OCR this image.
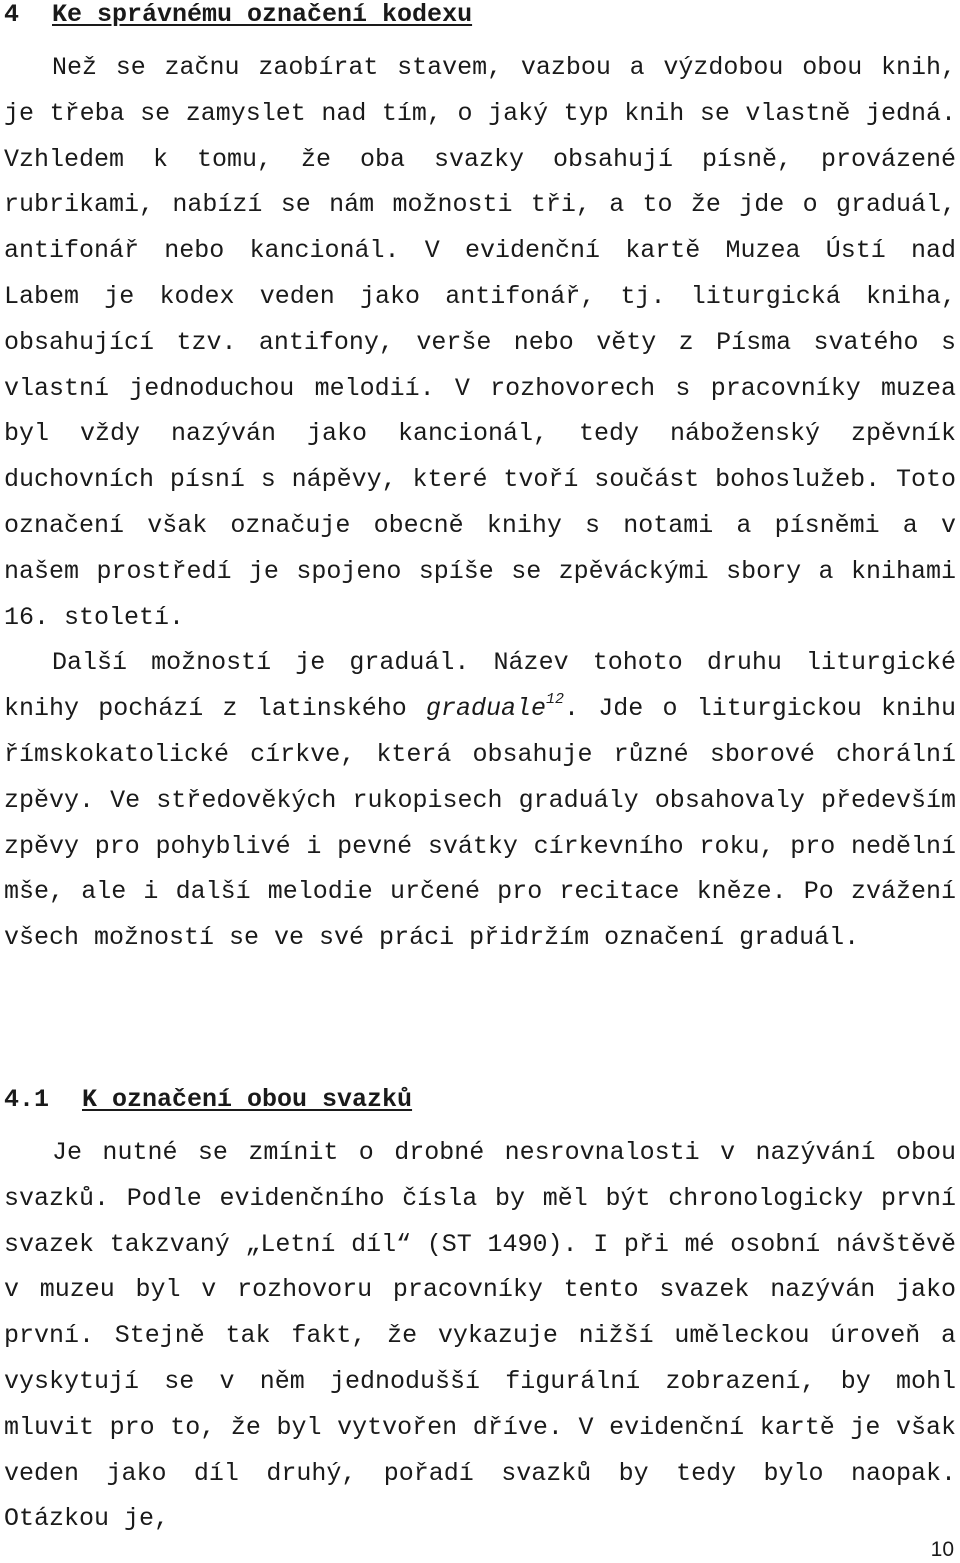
4 Ke správnému označení kodexu

Než se začnu zaobírat stavem, vazbou a výzdobou obou knih, je třeba se zamyslet nad tím, o jaký typ knih se vlastně jedná. Vzhledem k tomu, že oba svazky obsahují písně, provázené rubrikami, nabízí se nám možnosti tři, a to že jde o graduál, antifonář nebo kancionál. V evidenční kartě Muzea Ústí nad Labem je kodex veden jako antifonář, tj. liturgická kniha, obsahující tzv. antifony, verše nebo věty z Písma svatého s vlastní jednoduchou melodií. V rozhovorech s pracovníky muzea byl vždy nazýván jako kancionál, tedy náboženský zpěvník duchovních písní s nápěvy, které tvoří součást bohoslužeb. Toto označení však označuje obecně knihy s notami a písněmi a v našem prostředí je spojeno spíše se zpěváckými sbory a knihami 16. století.

Další možností je graduál. Název tohoto druhu liturgické knihy pochází z latinského graduale$^{12}$. Jde o liturgickou knihu římskokatolické církve, která obsahuje různé sborové chorální zpěvy. Ve středověkých rukopisech graduály obsahovaly především zpěvy pro pohyblivé i pevné svátky církevního roku, pro nedělní mše, ale i další melodie určené pro recitace kněze. Po zvážení všech možností se ve své práci přidržím označení graduál.

4.1 K označení obou svazků

Je nutné se zmínit o drobné nesrovnalosti v nazývání obou svazků. Podle evidenčního čísla by měl být chronologicky první svazek takzvaný „Letní díl“ (ST 1490). I při mé osobní návštěvě v muzeu byl v rozhovoru pracovníky tento svazek nazýván jako první. Stejně tak fakt, že vykazuje nižší uměleckou úroveň a vyskytují se v něm jednodušší figurální zobrazení, by mohl mluvit pro to, že byl vytvořen dříve. V evidenční kartě je však veden jako díl druhý, pořadí svazků by tedy bylo naopak. Otázkou je,

10
